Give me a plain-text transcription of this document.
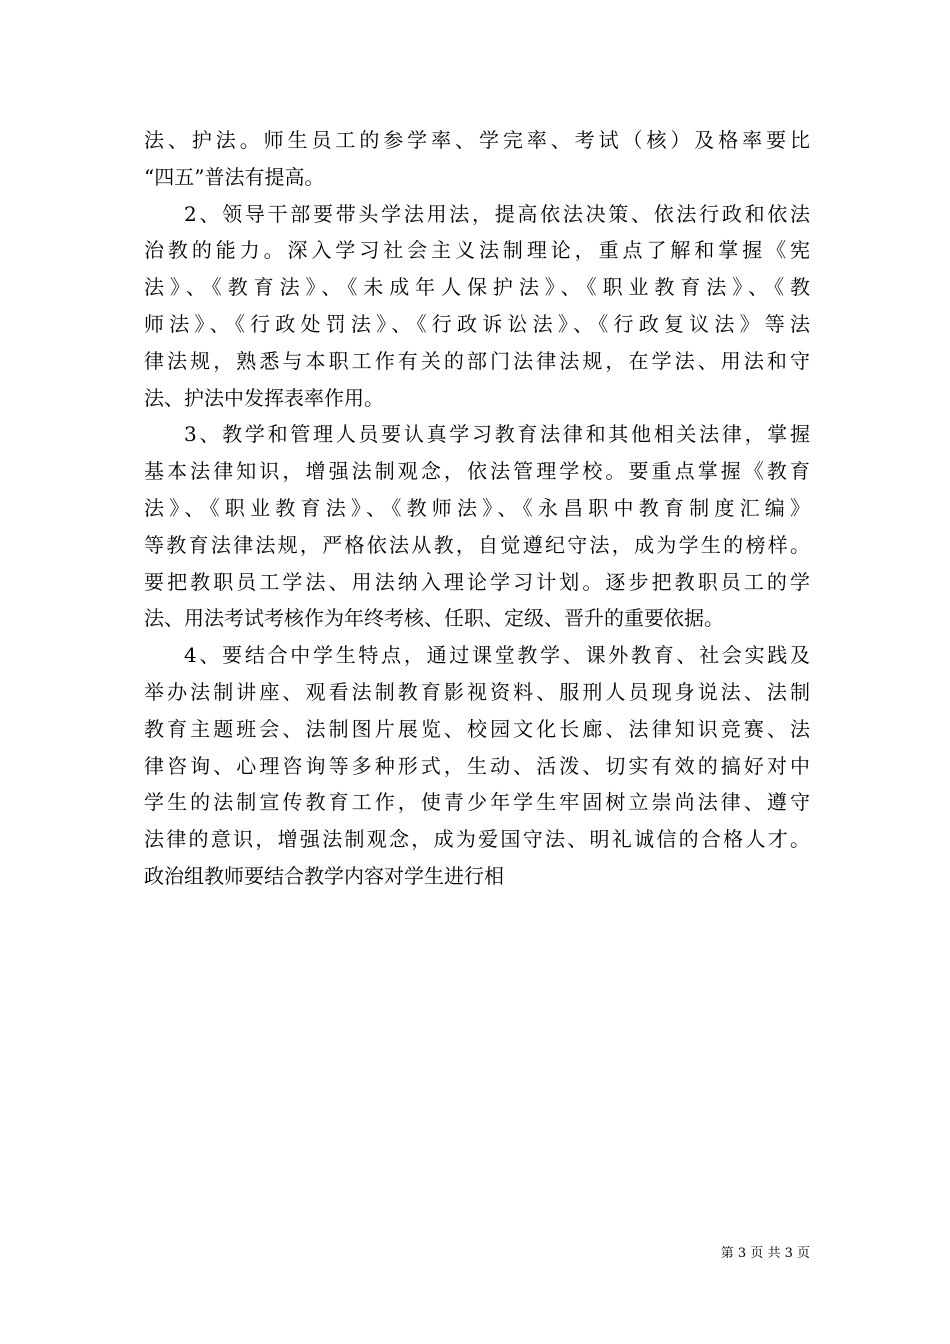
法、护法。师生员工的参学率、学完率、考试（核）及格率要比
“四五”普法有提高。
2、领导干部要带头学法用法，提高依法决策、依法行政和依法
治教的能力。深入学习社会主义法制理论，重点了解和掌握《宪
法》、《教育法》、《未成年人保护法》、《职业教育法》、《教
师法》、《行政处罚法》、《行政诉讼法》、《行政复议法》等法
律法规，熟悉与本职工作有关的部门法律法规，在学法、用法和守
法、护法中发挥表率作用。
3、教学和管理人员要认真学习教育法律和其他相关法律，掌握
基本法律知识，增强法制观念，依法管理学校。要重点掌握《教育
法》、《职业教育法》、《教师法》、《永昌职中教育制度汇编》
等教育法律法规，严格依法从教，自觉遵纪守法，成为学生的榜样。
要把教职员工学法、用法纳入理论学习计划。逐步把教职员工的学
法、用法考试考核作为年终考核、任职、定级、晋升的重要依据。
4、要结合中学生特点，通过课堂教学、课外教育、社会实践及
举办法制讲座、观看法制教育影视资料、服刑人员现身说法、法制
教育主题班会、法制图片展览、校园文化长廊、法律知识竞赛、法
律咨询、心理咨询等多种形式，生动、活泼、切实有效的搞好对中
学生的法制宣传教育工作，使青少年学生牢固树立崇尚法律、遵守
法律的意识，增强法制观念，成为爱国守法、明礼诚信的合格人才。
政治组教师要结合教学内容对学生进行相
第 3 页 共 3 页
